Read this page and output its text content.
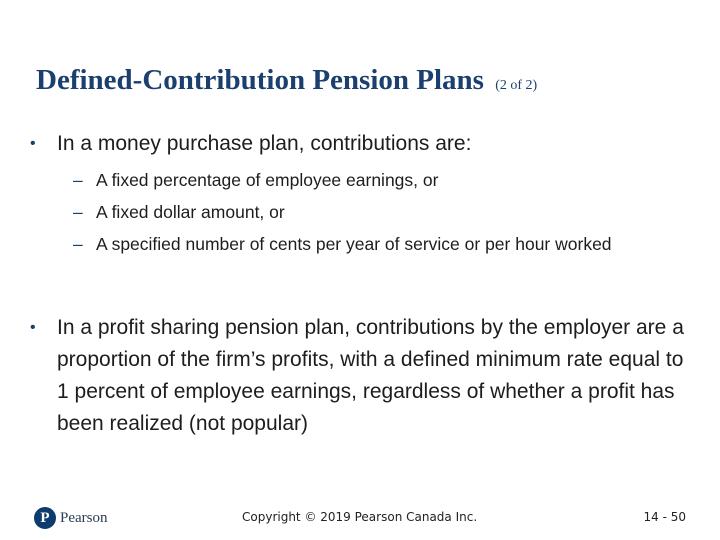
Defined-Contribution Pension Plans (2 of 2)
•	In a money purchase plan, contributions are:
– A fixed percentage of employee earnings, or
– A fixed dollar amount, or
– A specified number of cents per year of service or per hour worked
•	In a profit sharing pension plan, contributions by the employer are a proportion of the firm’s profits, with a defined minimum rate equal to 1 percent of employee earnings, regardless of whether a profit has been realized (not popular)
P Pearson	Copyright © 2019 Pearson Canada Inc.	14 - 50
